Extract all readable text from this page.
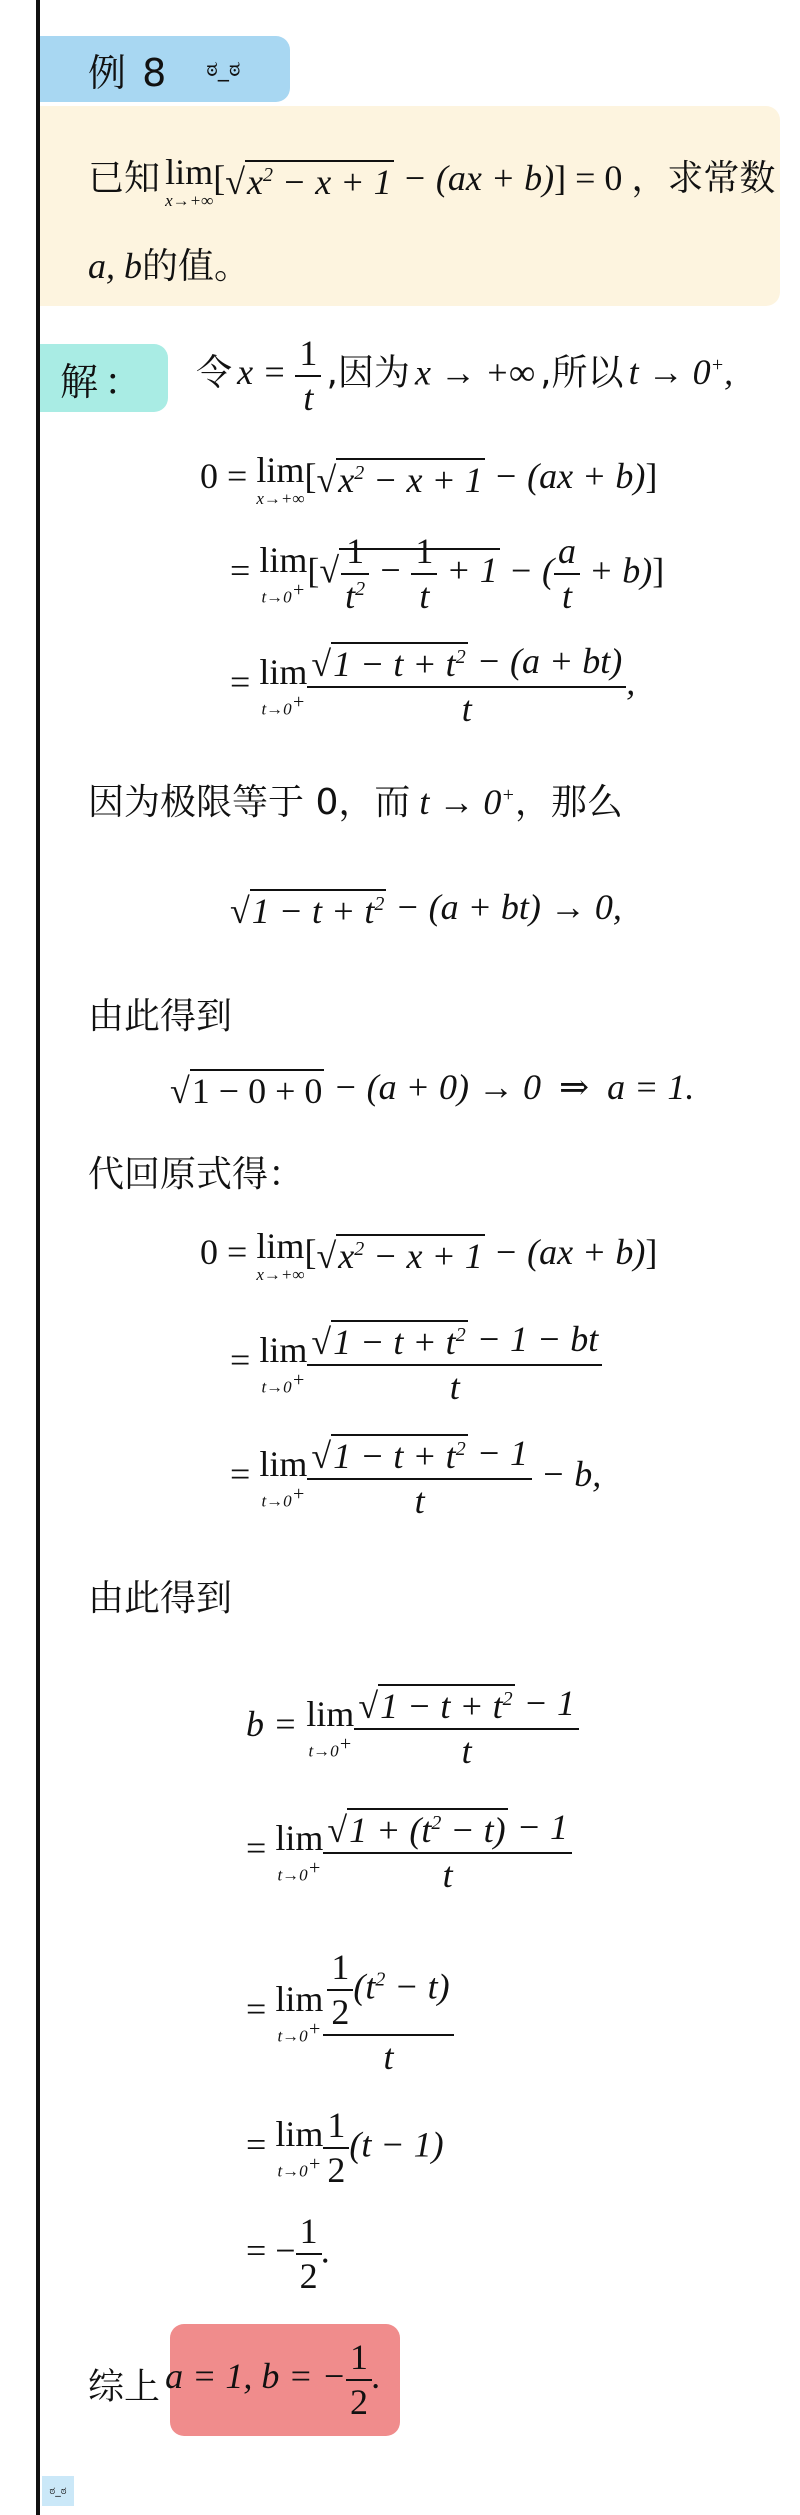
例 8 ಠ_ಠ
已知 lim
x→+∞
$[√x^2 - x + 1 - (ax + b)] = 0$ ，求常数
a, b的值。
解： 令 $x = \frac{1}{t}$ ,因为 x → +∞ ,所以 t → 0+,
0 = lim
x→+∞
$[√x^2 - x + 1 - (ax + b)]$
= lim
t→0+ [√ $\frac{1}{t^2} - \frac{1}{t} + 1$ − ( $\frac{a}{t} + b$)]
= lim
$t\to 0^+ \frac{√1 - t + t^2 - (a + bt)}{t}$ ,
因为极限等于 0，而 t → 0+，那么
$√1 - t + t^2 - (a + bt) \to 0$,
由此得到
√1 − 0 + 0 − (a + 0) → 0  ⇒  a = 1.
代回原式得：
0 = lim
x→+∞
$[√x^2 - x + 1 - (ax + b)]$
= lim
$t\to 0^+ \frac{√1 - t + t^2 - 1 - bt}{t}$
= lim
$t\to 0^+ \frac{√1 - t + t^2 - 1}{t} - b$,
由此得到
b = lim
$t\to 0^+ \frac{√1 - t + t^2 - 1}{t}$
= lim
$t\to 0^+ \frac{√1 + (t^2 - t) - 1}{t}$
= lim
$t\to 0^+ \frac{\frac{1}{2} (t^2 - t)}{t}$
= lim
$t\to 0^+ \frac{1}{2} (t - 1)$
= − $\frac{1}{2}$ .
综上 a = 1, b = − $\frac{1}{2}$ .
ಠ_ಠ
